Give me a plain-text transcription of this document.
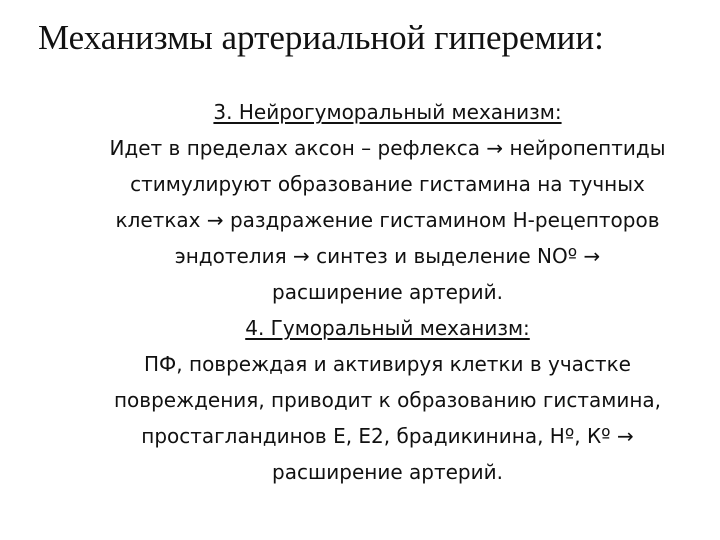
Механизмы артериальной гиперемии:
3. Нейрогуморальный механизм:
Идет в пределах аксон – рефлекса → нейропептиды
стимулируют образование гистамина на тучных
клетках → раздражение гистамином Н-рецепторов
эндотелия → синтез и выделение NOº →
расширение артерий.
4. Гуморальный механизм:
ПФ, повреждая и активируя клетки в участке
повреждения, приводит к образованию гистамина,
простагландинов Е, Е2, брадикинина, Нº, Кº →
расширение артерий.
